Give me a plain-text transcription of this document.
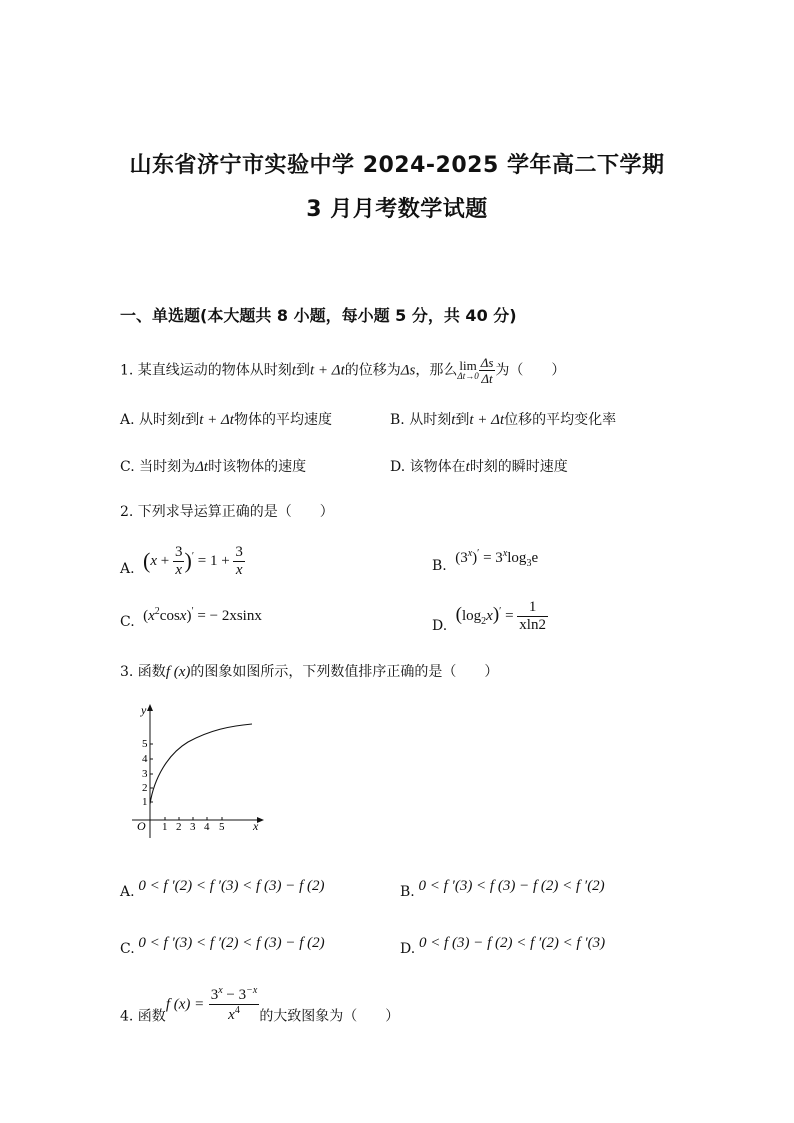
山东省济宁市实验中学 2024-2025 学年高二下学期
3 月月考数学试题
一、单选题(本大题共 8 小题，每小题 5 分，共 40 分)
1. 某直线运动的物体从时刻t到t + Δt的位移为Δs，那么 lim
$\Delta t\to 0 \frac{\Delta s}{\Delta t}$ 为（　　）
A. 从时刻t到t + Δt物体的平均速度	B. 从时刻t到t + Δt位移的平均变化率
C. 当时刻为Δt时该物体的速度	D. 该物体在t时刻的瞬时速度
2. 下列求导运算正确的是（　　）
A. $(x + \frac{3}{x} )' = 1 + \frac{3}{x}$	B. $(3^x)' = 3^x\log_3e$
C. $(x^2\cos x)'$ = − 2xsinx
D. $(\log_2x)' = \frac{1}{xln2}$
3. 函数f (x)的图象如图所示，下列数值排序正确的是（　　）
y
x
O
1
2
3
4
5
1 2 3 4 5
A. 0 < f ′(2) < f ′(3) < f (3) − f (2)	B. 0 < f ′(3) < f (3) − f (2) < f ′(2)
C. 0 < f ′(3) < f ′(2) < f (3) − f (2)	D. 0 < f (3) − f (2) < f ′(2) < f ′(3)
4. 函数f $(x) = \frac{3^x - 3^{-x}}{x^4}$ 的大致图象为（　　）
